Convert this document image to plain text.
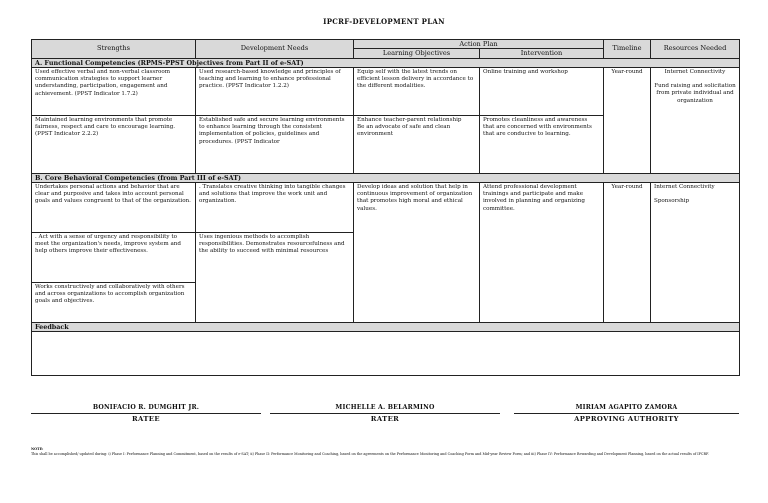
IPCRF-DEVELOPMENT PLAN
Strengths	Development Needs	Action Plan		Timeline	Resources Needed
		Learning Objectives	Intervention		
A. Functional Competencies (RPMS-PPST Objectives from Part II of e-SAT)					
Used effective verbal and non-verbal classroom communication strategies to support learner understanding, participation, engagement and achievement. (PPST Indicator 1.7.2)	Used research-based knowledge and principles of teaching and learning to enhance professional practice. (PPST Indicator 1.2.2)	Equip self with the latest trends on efficient lesson delivery in accordance to the different modalities.	Online training and workshop	Year-round	Internet Connectivity
Fund raising and solicitation from private individual and organization
Maintained learning environments that promote fairness, respect and care to encourage learning. (PPST Indicator 2.2.2)	Established safe and secure learning environments to enhance learning through the consistent implementation of policies, guidelines and procedures. (PPST Indicator	Enhance teacher-parent relationship
Be an advocate of safe and clean environment	Promotes cleanliness and awareness that are concerned with environments that are conducive to learning.		
B. Core Behavioral Competencies (from Part III of e-SAT)					
Undertakes personal actions and behavior that are clear and purposive and takes into account personal goals and values congruent to that of the organization.	. Translates creative thinking into tangible changes and solutions that improve the work unit and organization.	Develop ideas and solution that help in continuous improvement of organization that promotes high moral and ethical values.	Attend professional development trainings and participate and make involved in planning and organizing committee.	Year-round	Internet Connectivity
Sponsorship
. Act with a sense of urgency and responsibility to meet the organization's needs, improve system and help others improve their effectiveness.	Uses ingenious methods to accomplish responsibilities. Demonstrates resourcefulness and the ability to succeed with minimal resources				
Works constructively and collaboratively with others and across organizations to accomplish organization goals and objectives.					
Feedback					

BONIFACIO R. DUMGHIT JR.
RATEE
MICHELLE A. BELARMINO
RATER
MIRIAM AGAPITO ZAMORA
APPROVING AUTHORITY
NOTE:
This shall be accomplished/ updated during: i) Phase I: Performance Planning and Commitment, based on the results of e-SAT; ii) Phase II: Performance Monitoring and Coaching, based on the agreements on the Performance Monitoring and Coaching Form and Mid-year Review Form; and iii) Phase IV: Performance Rewarding and Development Planning, based on the actual results of IPCRF.
